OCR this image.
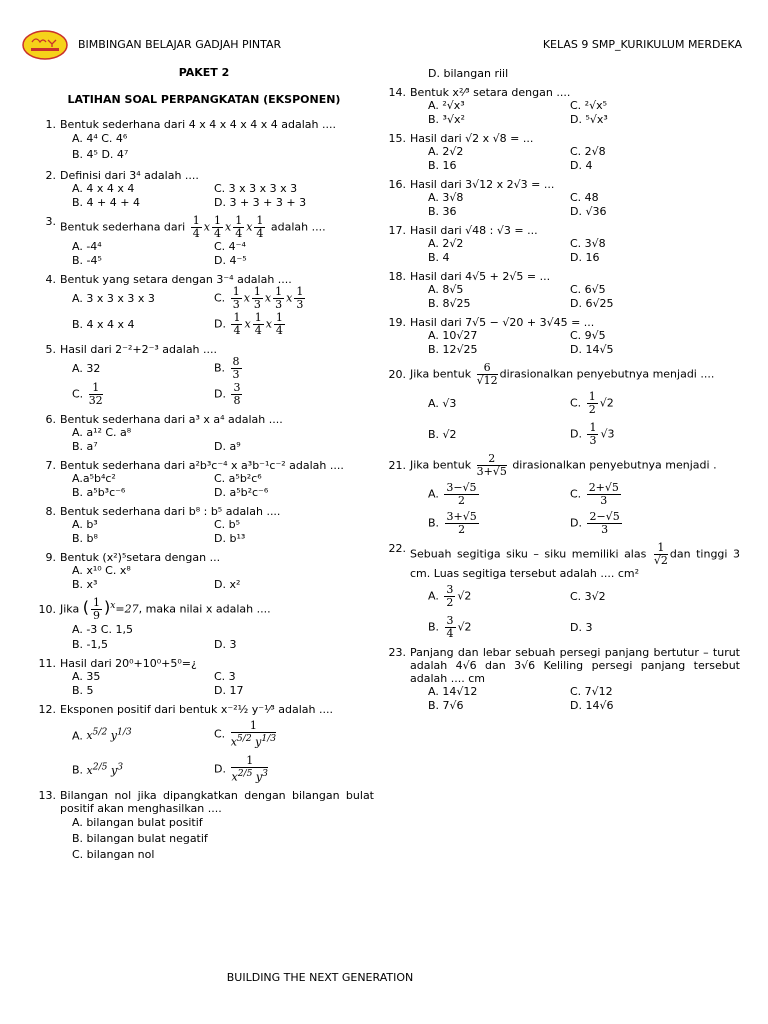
BIMBINGAN BELAJAR GADJAH PINTAR	KELAS 9 SMP_KURIKULUM MERDEKA
PAKET 2
LATIHAN SOAL PERPANGKATAN (EKSPONEN)
1. Bentuk sederhana dari 4 x 4 x 4 x 4 x 4 adalah ....
A. 4⁴ C. 4⁶
B. 4⁵ D. 4⁷
2. Definisi dari 3⁴ adalah ....
A. 4 x 4 x 4	C. 3 x 3 x 3 x 3
B. 4 + 4 + 4	D. 3 + 3 + 3 + 3
3. Bentuk sederhana dari $\frac{1}{4}$ x $\frac{1}{4}$ x $\frac{1}{4}$ x $\frac{1}{4}$ adalah ....
A. -4⁴	C. 4⁻⁴
B. -4⁵	D. 4⁻⁵
4. Bentuk yang setara dengan 3⁻⁴ adalah ....
A. 3 x 3 x 3 x 3	C. $\frac{1}{3}$ x $\frac{1}{3}$ x $\frac{1}{3}$ x $\frac{1}{3}$
B. 4 x 4 x 4	D. $\frac{1}{4}$ x $\frac{1}{4}$ x $\frac{1}{4}$
5. Hasil dari 2⁻²+2⁻³ adalah ....
A. 32	B. $\frac{8}{3}$
C. $\frac{1}{32}$	D. $\frac{3}{8}$
6. Bentuk sederhana dari a³ x a⁴ adalah ....
A. a¹² C. a⁸
B. a⁷	D. a⁹
7. Bentuk sederhana dari a²b³c⁻⁴ x a³b⁻¹c⁻² adalah ....
A.a⁵b⁴c²	C. a⁵b²c⁶
B. a⁵b³c⁻⁶	D. a⁵b²c⁻⁶
8. Bentuk sederhana dari b⁸ : b⁵ adalah ....
A. b³	C. b⁵
B. b⁸	D. b¹³
9. Bentuk (x²)⁵setara dengan ...
A. x¹⁰ C. x⁸
B. x³	D. x²
10. Jika ( $\frac{1}{9} )^x=27$, maka nilai x adalah ....
A. -3 C. 1,5
B. -1,5	D. 3
11. Hasil dari 20⁰+10⁰+5⁰=¿
A. 35	C. 3
B. 5	D. 17
12. Eksponen positif dari bentuk x⁻²¹⁄₂ y⁻¹⁄³ adalah ....
A. $x^{5/2}$ $y^{1/3}$	C. $\frac{1}{x^{5/2} y^{1/3}}$
B. $x^{2/5}$ $y^3$	D. $\frac{1}{x^{2/5} y^3}$
13. Bilangan nol jika dipangkatkan dengan bilangan bulat positif akan menghasilkan ....
A. bilangan bulat positif
B. bilangan bulat negatif
C. bilangan nol
D. bilangan riil
14. Bentuk x²⁄³ setara dengan ....
A. ²√x³	C. ²√x⁵
B. ³√x²	D. ⁵√x³
15. Hasil dari √2 x √8 = ...
A. 2√2	C. 2√8
B. 16	D. 4
16. Hasil dari 3√12 x 2√3 = ...
A. 3√8	C. 48
B. 36	D. √36
17. Hasil dari √48 : √3 = ...
A. 2√2	C. 3√8
B. 4	D. 16
18. Hasil dari 4√5 + 2√5 = ...
A. 8√5	C. 6√5
B. 8√25	D. 6√25
19. Hasil dari 7√5 − √20 + 3√45 = ...
A. 10√27	C. 9√5
B. 12√25	D. 14√5
20. Jika bentuk $\frac{6}{√12}$ dirasionalkan penyebutnya menjadi ....
A. √3	C. $\frac{1}{2} √2$
B. √2	D. $\frac{1}{3} √3$
21. Jika bentuk $\frac{2}{3+√5}$ dirasionalkan penyebutnya menjadi .
A. $\frac{3-√5}{2}$	C. $\frac{2+√5}{3}$
B. $\frac{3+√5}{2}$	D. $\frac{2-√5}{3}$
22. Sebuah segitiga siku – siku memiliki alas $\frac{1}{√2}$ dan tinggi 3 cm. Luas segitiga tersebut adalah .... cm²
A. $\frac{3}{2} √2$	C. 3√2
B. $\frac{3}{4} √2$	D. 3
23. Panjang dan lebar sebuah persegi panjang bertutur – turut adalah 4√6 dan 3√6 Keliling persegi panjang tersebut adalah .... cm
A. 14√12	C. 7√12
B. 7√6	D. 14√6
BUILDING THE NEXT GENERATION
